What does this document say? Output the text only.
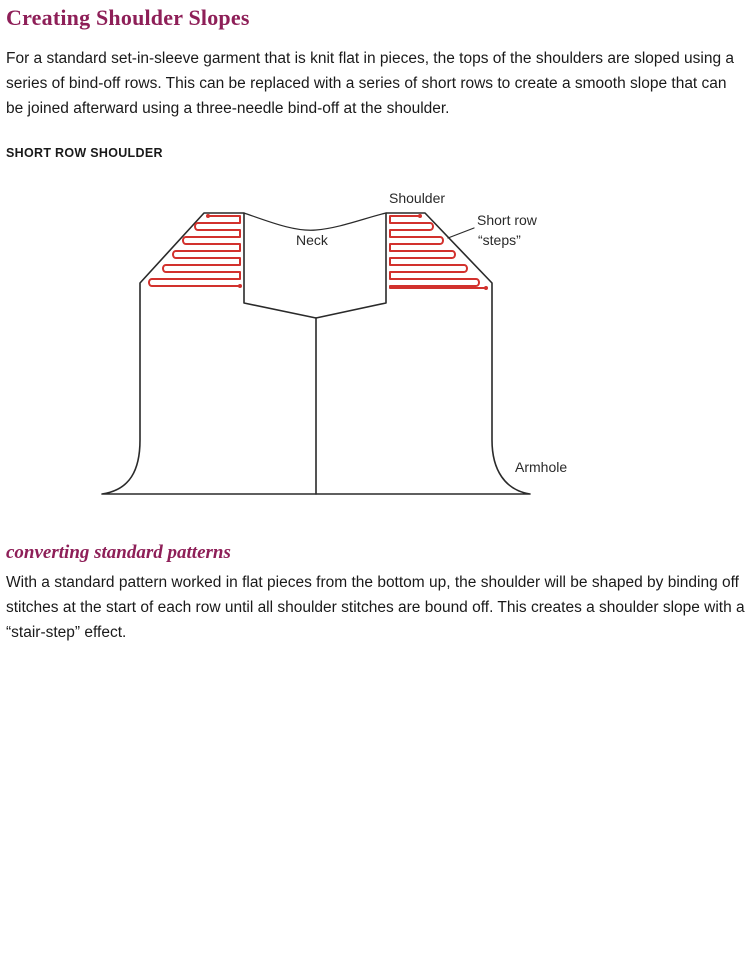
Creating Shoulder Slopes

For a standard set-in-sleeve garment that is knit flat in pieces, the tops of the shoulders are sloped using a series of bind-off rows. This can be replaced with a series of short rows to create a smooth slope that can be joined afterward using a three-needle bind-off at the shoulder.

SHORT ROW SHOULDER
Shoulder
Neck
Short row
“steps”
Armhole
converting standard patterns

With a standard pattern worked in flat pieces from the bottom up, the shoulder will be shaped by binding off stitches at the start of each row until all shoulder stitches are bound off. This creates a shoulder slope with a “stair-step” effect.
